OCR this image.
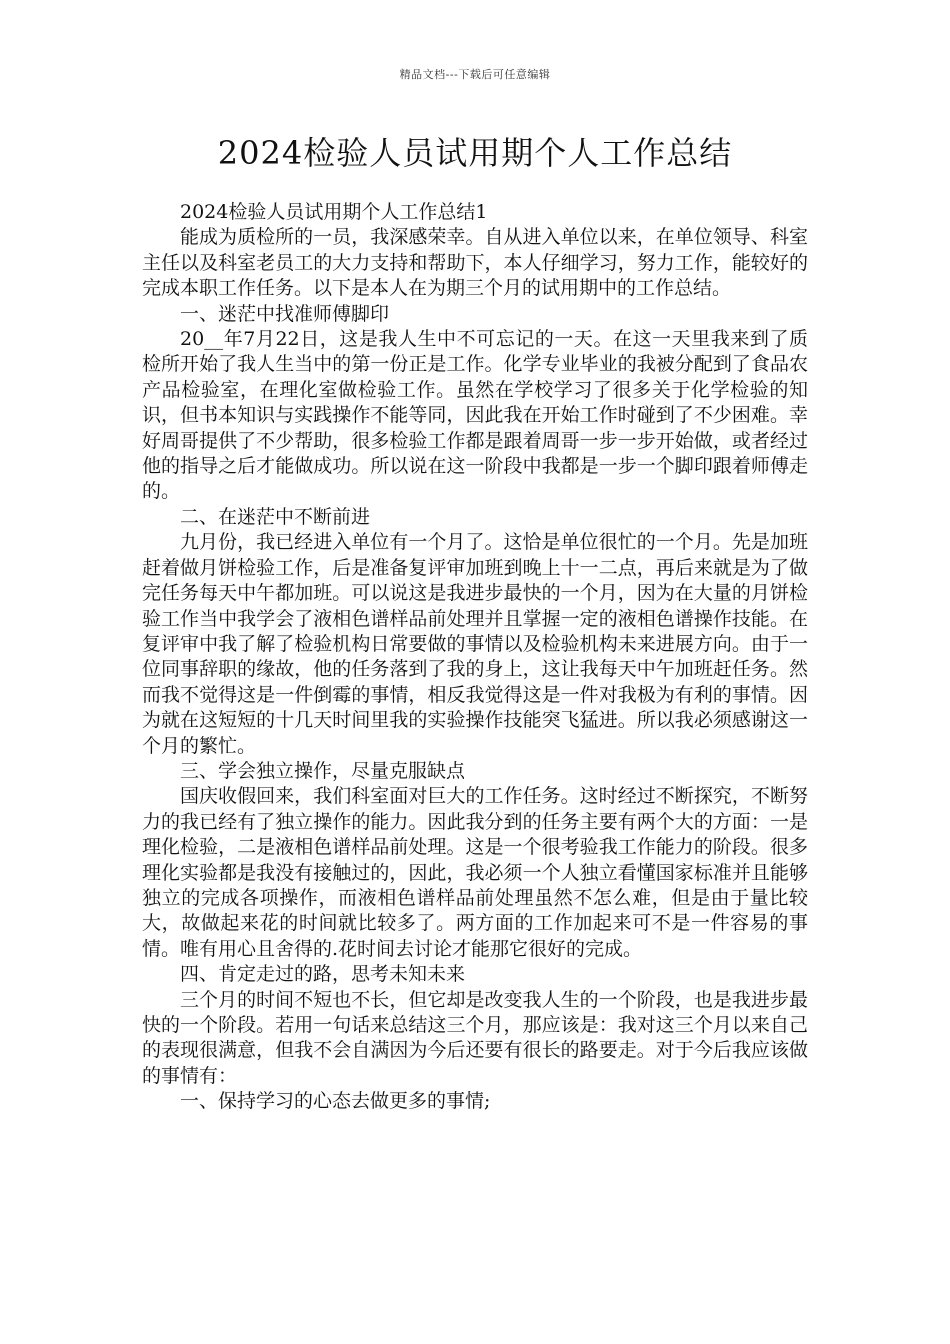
精品文档---下载后可任意编辑
2024检验人员试用期个人工作总结

2024检验人员试用期个人工作总结1

能成为质检所的一员，我深感荣幸。自从进入单位以来，在单位领导、科室主任以及科室老员工的大力支持和帮助下，本人仔细学习，努力工作，能较好的完成本职工作任务。以下是本人在为期三个月的试用期中的工作总结。

一、迷茫中找准师傅脚印

20__年7月22日，这是我人生中不可忘记的一天。在这一天里我来到了质检所开始了我人生当中的第一份正是工作。化学专业毕业的我被分配到了食品农产品检验室，在理化室做检验工作。虽然在学校学习了很多关于化学检验的知识，但书本知识与实践操作不能等同，因此我在开始工作时碰到了不少困难。幸好周哥提供了不少帮助，很多检验工作都是跟着周哥一步一步开始做，或者经过他的指导之后才能做成功。所以说在这一阶段中我都是一步一个脚印跟着师傅走的。

二、在迷茫中不断前进

九月份，我已经进入单位有一个月了。这恰是单位很忙的一个月。先是加班赶着做月饼检验工作，后是准备复评审加班到晚上十一二点，再后来就是为了做完任务每天中午都加班。可以说这是我进步最快的一个月，因为在大量的月饼检验工作当中我学会了液相色谱样品前处理并且掌握一定的液相色谱操作技能。在复评审中我了解了检验机构日常要做的事情以及检验机构未来进展方向。由于一位同事辞职的缘故，他的任务落到了我的身上，这让我每天中午加班赶任务。然而我不觉得这是一件倒霉的事情，相反我觉得这是一件对我极为有利的事情。因为就在这短短的十几天时间里我的实验操作技能突飞猛进。所以我必须感谢这一个月的繁忙。

三、学会独立操作，尽量克服缺点

国庆收假回来，我们科室面对巨大的工作任务。这时经过不断探究，不断努力的我已经有了独立操作的能力。因此我分到的任务主要有两个大的方面：一是理化检验，二是液相色谱样品前处理。这是一个很考验我工作能力的阶段。很多理化实验都是我没有接触过的，因此，我必须一个人独立看懂国家标准并且能够独立的完成各项操作，而液相色谱样品前处理虽然不怎么难，但是由于量比较大，故做起来花的时间就比较多了。两方面的工作加起来可不是一件容易的事情。唯有用心且舍得的.花时间去讨论才能那它很好的完成。

四、肯定走过的路，思考未知未来

三个月的时间不短也不长，但它却是改变我人生的一个阶段，也是我进步最快的一个阶段。若用一句话来总结这三个月，那应该是：我对这三个月以来自己的表现很满意，但我不会自满因为今后还要有很长的路要走。对于今后我应该做的事情有：

一、保持学习的心态去做更多的事情;
